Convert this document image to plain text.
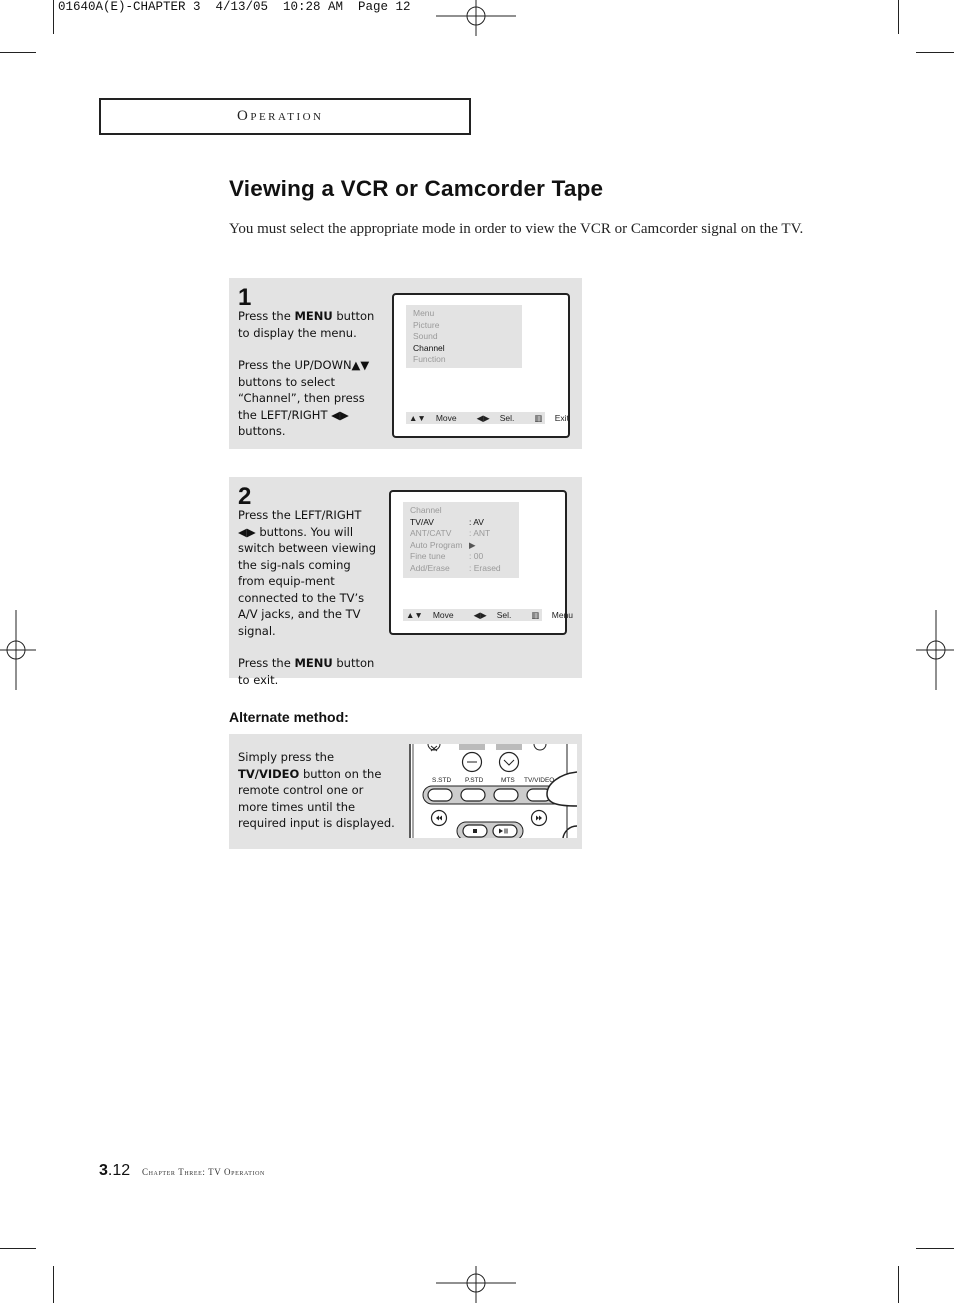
01640A(E)-CHAPTER 3  4/13/05  10:28 AM  Page 12
Operation
Viewing a VCR or Camcorder Tape
You must select the appropriate mode in order to view the VCR or Camcorder signal on the TV.
1

Press the MENU button to display the menu.

Press the UP/DOWN▲▼ buttons to select “Channel”, then press the LEFT/RIGHT ◀▶ buttons.

Menu
Picture
Sound
Channel
Function
▲▼ Move ◀▶ Sel. ▥ Exit
2

Press the LEFT/RIGHT ◀▶ buttons. You will switch between viewing the sig-nals coming from equip-ment connected to the TV’s A/V jacks, and the TV signal.

Press the MENU button to exit.

Channel
TV/AV	: AV
ANT/CATV	: ANT
Auto Program ▶
Fine tune	: 00
Add/Erase	: Erased
▲▼ Move ◀▶ Sel. ▥ Menu
Alternate method:
Simply press the TV/VIDEO button on the remote control one or more times until the required input is displayed.
S.STD P.STD	MTS TV/VIDEO
3.12 Chapter Three: TV Operation
